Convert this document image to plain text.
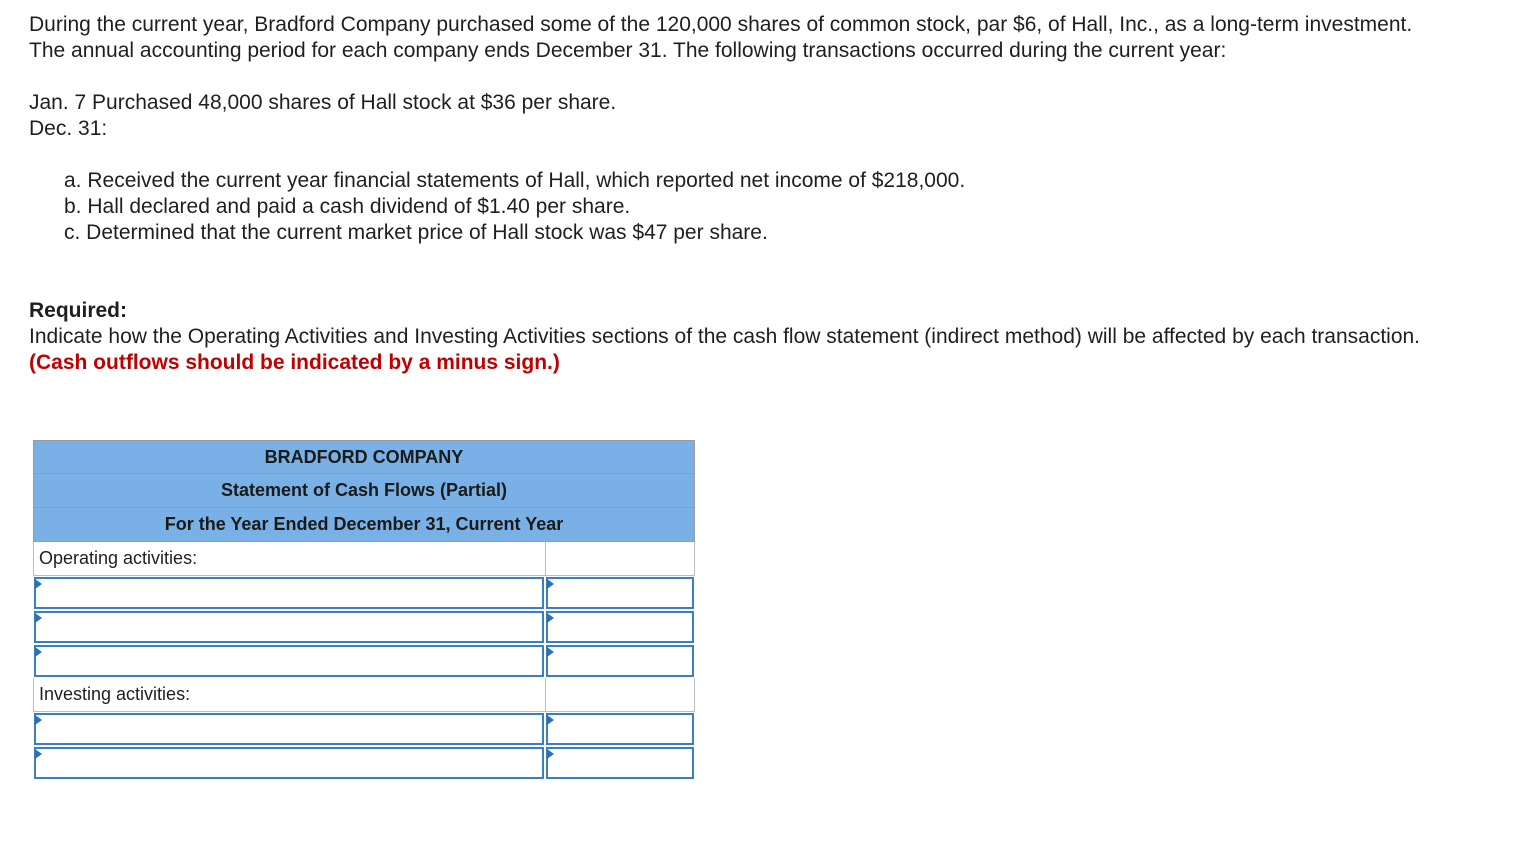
During the current year, Bradford Company purchased some of the 120,000 shares of common stock, par $6, of Hall, Inc., as a long-term investment. The annual accounting period for each company ends December 31. The following transactions occurred during the current year:

Jan. 7 Purchased 48,000 shares of Hall stock at $36 per share.

Dec. 31:

a. Received the current year financial statements of Hall, which reported net income of $218,000.

b. Hall declared and paid a cash dividend of $1.40 per share.

c. Determined that the current market price of Hall stock was $47 per share.

Required:

Indicate how the Operating Activities and Investing Activities sections of the cash flow statement (indirect method) will be affected by each transaction. (Cash outflows should be indicated by a minus sign.)

BRADFORD COMPANY
Statement of Cash Flows (Partial)
For the Year Ended December 31, Current Year
Operating activities:
Investing activities:
